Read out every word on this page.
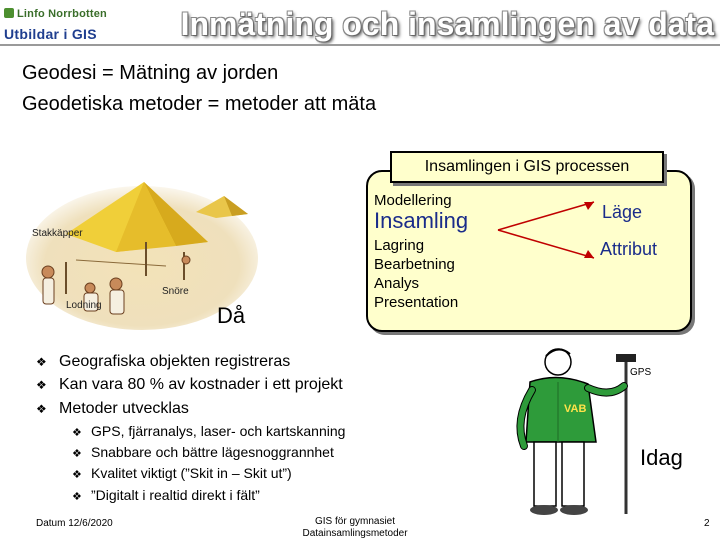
Linfo Norrbotten
Utbildar i GIS	Inmätning och insamlingen av data
Geodesi = Mätning av jorden
Geodetiska metoder = metoder att mäta
Stakkäpper
Snöre
Lodning	Då
Insamlingen i GIS processen
Modellering
Insamling
Lagring
Bearbetning
Analys
Presentation
Läge
Attribut
❖ Geografiska objekten registreras
❖ Kan vara 80 % av kostnader i ett projekt
❖ Metoder utvecklas
❖ GPS, fjärranalys, laser- och kartskanning
❖ Snabbare och bättre lägesnoggrannhet
❖ Kvalitet viktigt (”Skit in – Skit ut”)
❖ ”Digitalt i realtid direkt i fält”
VAB
GPS
Idag
Datum 12/6/2020	GIS för gymnasiet
Datainsamlingsmetoder
2
